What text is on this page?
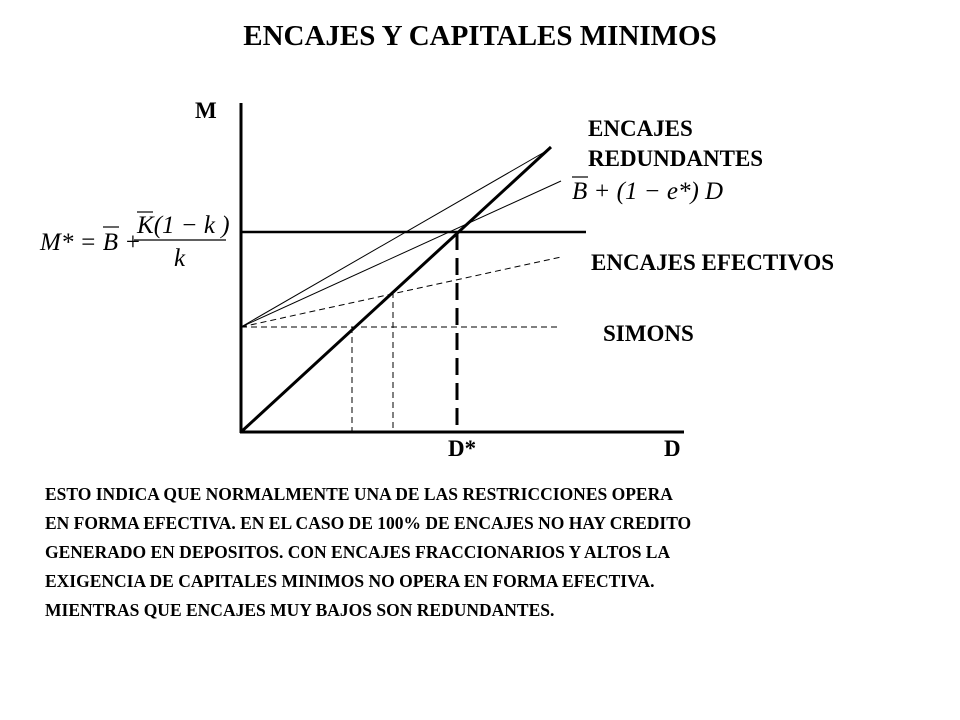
ENCAJES Y CAPITALES MINIMOS
B + (1 − e*) D
M* = B +
K(1 − k )
k
M
ENCAJES
REDUNDANTES
ENCAJES EFECTIVOS
SIMONS
D*	D
ESTO INDICA QUE NORMALMENTE UNA DE LAS RESTRICCIONES OPERA
EN FORMA EFECTIVA. EN EL CASO DE 100% DE ENCAJES NO HAY CREDITO
GENERADO EN DEPOSITOS. CON ENCAJES FRACCIONARIOS Y ALTOS LA
EXIGENCIA DE CAPITALES MINIMOS NO OPERA EN FORMA EFECTIVA.
MIENTRAS QUE ENCAJES MUY BAJOS SON REDUNDANTES.
